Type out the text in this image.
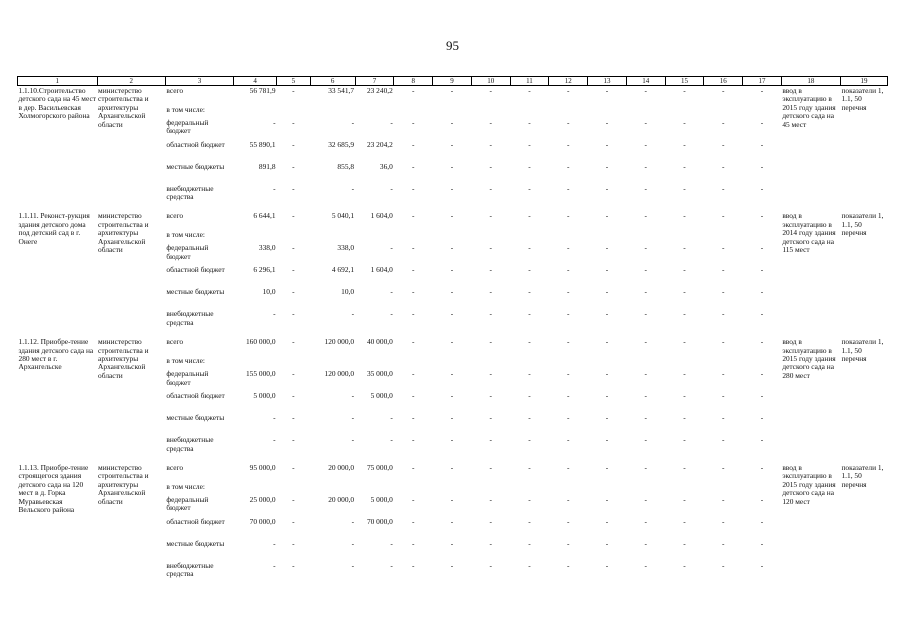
95
1	2	3	4	5	6	7	8	9	10	11	12	13	14	15	16	17	18	19
1.1.10.Строительство детского сада на 45 мест в дер. Васильевская Холмогорского района	министерство строительства и архитектуры Архангельской области	всего	56 781,9	-	33 541,7	23 240,2	-	-	-	-	-	-	-	-	-	-	ввод в эксплуатацию в 2015 году здания детского сада на 45 мест	показатели 1, 1.1, 50 перечня
		в том числе:																
		федеральный бюджет	-	-	-	-	-	-	-	-	-	-	-	-	-	-		
		областной бюджет	55 890,1	-	32 685,9	23 204,2	-	-	-	-	-	-	-	-	-	-		
		местные бюджеты	891,8	-	855,8	36,0	-	-	-	-	-	-	-	-	-	-		
		внебюджетные средства	-	-	-	-	-	-	-	-	-	-	-	-	-	-		
1.1.11. Реконст-рукция здания детского дома под детский сад в г. Онеге	министерство строительства и архитектуры Архангельской области	всего	6 644,1	-	5 040,1	1 604,0	-	-	-	-	-	-	-	-	-	-	ввод в эксплуатацию в 2014 году здания детского сада на 115 мест	показатели 1, 1.1, 50 перечня
		в том числе:																
		федеральный бюджет	338,0	-	338,0	-	-	-	-	-	-	-	-	-	-	-		
		областной бюджет	6 296,1	-	4 692,1	1 604,0	-	-	-	-	-	-	-	-	-	-		
		местные бюджеты	10,0	-	10,0	-	-	-	-	-	-	-	-	-	-	-		
		внебюджетные средства	-	-	-	-	-	-	-	-	-	-	-	-	-	-		
1.1.12. Приобре-тение здания детского сада на 280 мест в г. Архангельске	министерство строительства и архитектуры Архангельской области	всего	160 000,0	-	120 000,0	40 000,0	-	-	-	-	-	-	-	-	-	-	ввод в эксплуатацию в 2015 году здания детского сада на 280 мест	показатели 1, 1.1, 50 перечня
		в том числе:																
		федеральный бюджет	155 000,0	-	120 000,0	35 000,0	-	-	-	-	-	-	-	-	-	-		
		областной бюджет	5 000,0	-	-	5 000,0	-	-	-	-	-	-	-	-	-	-		
		местные бюджеты	-	-	-	-	-	-	-	-	-	-	-	-	-	-		
		внебюджетные средства	-	-	-	-	-	-	-	-	-	-	-	-	-	-		
1.1.13. Приобре-тение строящегося здания детского сада на 120 мест в д. Горка Муравьевская Вельского района	министерство строительства и архитектуры Архангельской области	всего	95 000,0	-	20 000,0	75 000,0	-	-	-	-	-	-	-	-	-	-	ввод в эксплуатацию в 2015 году здания детского сада на 120 мест	показатели 1, 1.1, 50 перечня
		в том числе:																
		федеральный бюджет	25 000,0	-	20 000,0	5 000,0	-	-	-	-	-	-	-	-	-	-		
		областной бюджет	70 000,0	-	-	70 000,0	-	-	-	-	-	-	-	-	-	-		
		местные бюджеты	-	-	-	-	-	-	-	-	-	-	-	-	-	-		
		внебюджетные средства	-	-	-	-	-	-	-	-	-	-	-	-	-	-		
